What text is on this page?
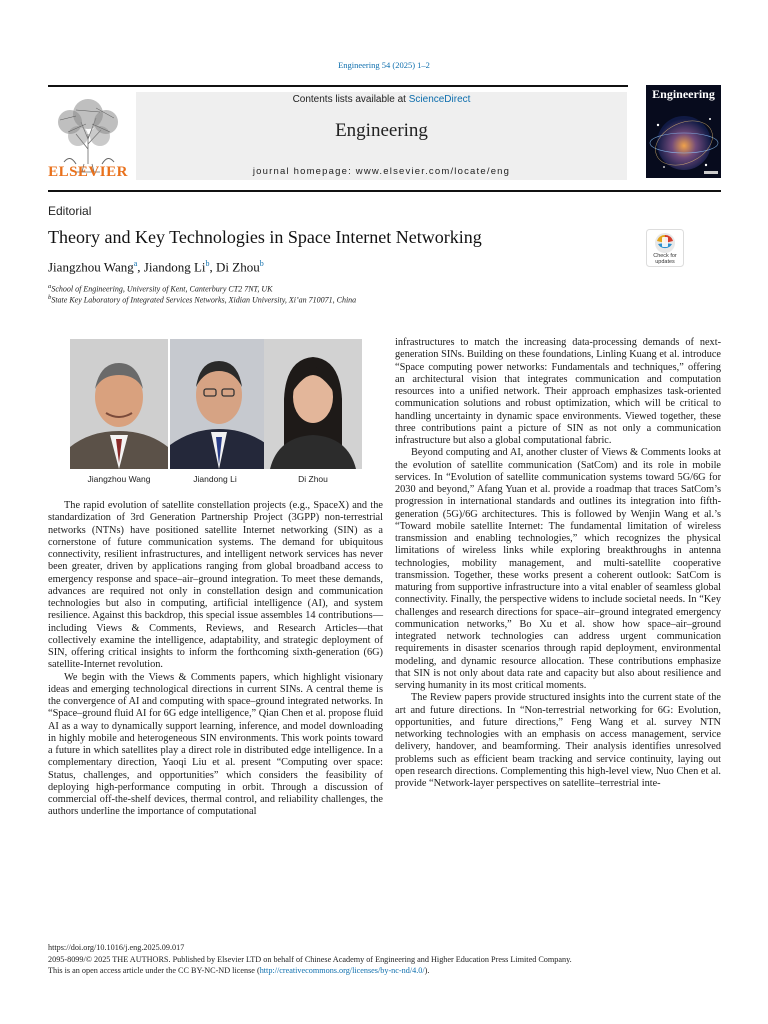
Engineering 54 (2025) 1–2
ELSEVIER
Contents lists available at ScienceDirect
Engineering
journal homepage: www.elsevier.com/locate/eng
Engineering
Editorial
Theory and Key Technologies in Space Internet Networking
Check for updates
Jiangzhou Wang$^a$, Jiandong Li$^b$, Di Zhou$^b$
$^a$School of Engineering, University of Kent, Canterbury CT2 7NT, UK
$^b$State Key Laboratory of Integrated Services Networks, Xidian University, Xi’an 710071, China
Jiangzhou Wang	Jiandong Li	Di Zhou

The rapid evolution of satellite constellation projects (e.g., SpaceX) and the standardization of 3rd Generation Partnership Project (3GPP) non-terrestrial networks (NTNs) have positioned satellite Internet networking (SIN) as a cornerstone of future communication systems. The demand for ubiquitous connectivity, resilient infrastructures, and intelligent network services has never been greater, driven by applications ranging from global broadband access to emergency response and space–air–ground integration. To meet these demands, advances are required not only in constellation design and communication technologies but also in computing, artificial intelligence (AI), and system resilience. Against this backdrop, this special issue assembles 14 contributions—including Views & Comments, Reviews, and Research Articles—that collectively examine the intelligence, adaptability, and strategic deployment of SIN, offering critical insights to inform the forthcoming sixth-generation (6G) satellite-Internet revolution.

We begin with the Views & Comments papers, which highlight visionary ideas and emerging technological directions in current SINs. A central theme is the convergence of AI and computing with space–ground integrated networks. In “Space–ground fluid AI for 6G edge intelligence,” Qian Chen et al. propose fluid AI as a way to dynamically support learning, inference, and model downloading in highly mobile and heterogeneous SIN environments. This work points toward a future in which satellites play a direct role in distributed edge intelligence. In a complementary direction, Yaoqi Liu et al. present “Computing over space: Status, challenges, and opportunities” which considers the feasibility of deploying high-performance computing in orbit. Through a discussion of commercial off-the-shelf devices, thermal control, and reliability challenges, the authors underline the importance of computational

infrastructures to match the increasing data-processing demands of next-generation SINs. Building on these foundations, Linling Kuang et al. introduce “Space computing power networks: Fundamentals and techniques,” offering an architectural vision that integrates communication and computation resources into a unified network. Their approach emphasizes task-oriented communication solutions and robust optimization, which will be critical to handling uncertainty in dynamic space environments. Viewed together, these three contributions paint a picture of SIN as not only a communication infrastructure but also a global computational fabric.

Beyond computing and AI, another cluster of Views & Comments looks at the evolution of satellite communication (SatCom) and its role in mobile services. In “Evolution of satellite communication systems toward 5G/6G for 2030 and beyond,” Afang Yuan et al. provide a roadmap that traces SatCom’s progression in international standards and outlines its integration into fifth-generation (5G)/6G architectures. This is followed by Wenjin Wang et al.’s “Toward mobile satellite Internet: The fundamental limitation of wireless transmission and enabling technologies,” which recognizes the physical limitations of wireless links while exploring breakthroughs in antenna technologies, mobility management, and multi-satellite cooperative transmission. Together, these works present a coherent outlook: SatCom is maturing from supportive infrastructure into a vital enabler of seamless global connectivity. Finally, the perspective widens to include societal needs. In “Key challenges and research directions for space–air–ground integrated emergency communication networks,” Bo Xu et al. show how space–air–ground integrated network technologies can address urgent communication requirements in disaster scenarios through rapid deployment, environmental modeling, and dynamic resource allocation. These contributions emphasize that SIN is not only about data rate and capacity but also about resilience and serving humanity in its most critical moments.

The Review papers provide structured insights into the current state of the art and future directions. In “Non-terrestrial networking for 6G: Evolution, opportunities, and future directions,” Feng Wang et al. survey NTN networking technologies with an emphasis on access management, service delivery, handover, and beamforming. Their analysis identifies unresolved problems such as efficient beam tracking and service continuity, laying out open research directions. Complementing this high-level view, Nuo Chen et al. provide “Network-layer perspectives on satellite–terrestrial inte-

https://doi.org/10.1016/j.eng.2025.09.017
2095-8099/© 2025 THE AUTHORS. Published by Elsevier LTD on behalf of Chinese Academy of Engineering and Higher Education Press Limited Company.
This is an open access article under the CC BY-NC-ND license (http://creativecommons.org/licenses/by-nc-nd/4.0/).
